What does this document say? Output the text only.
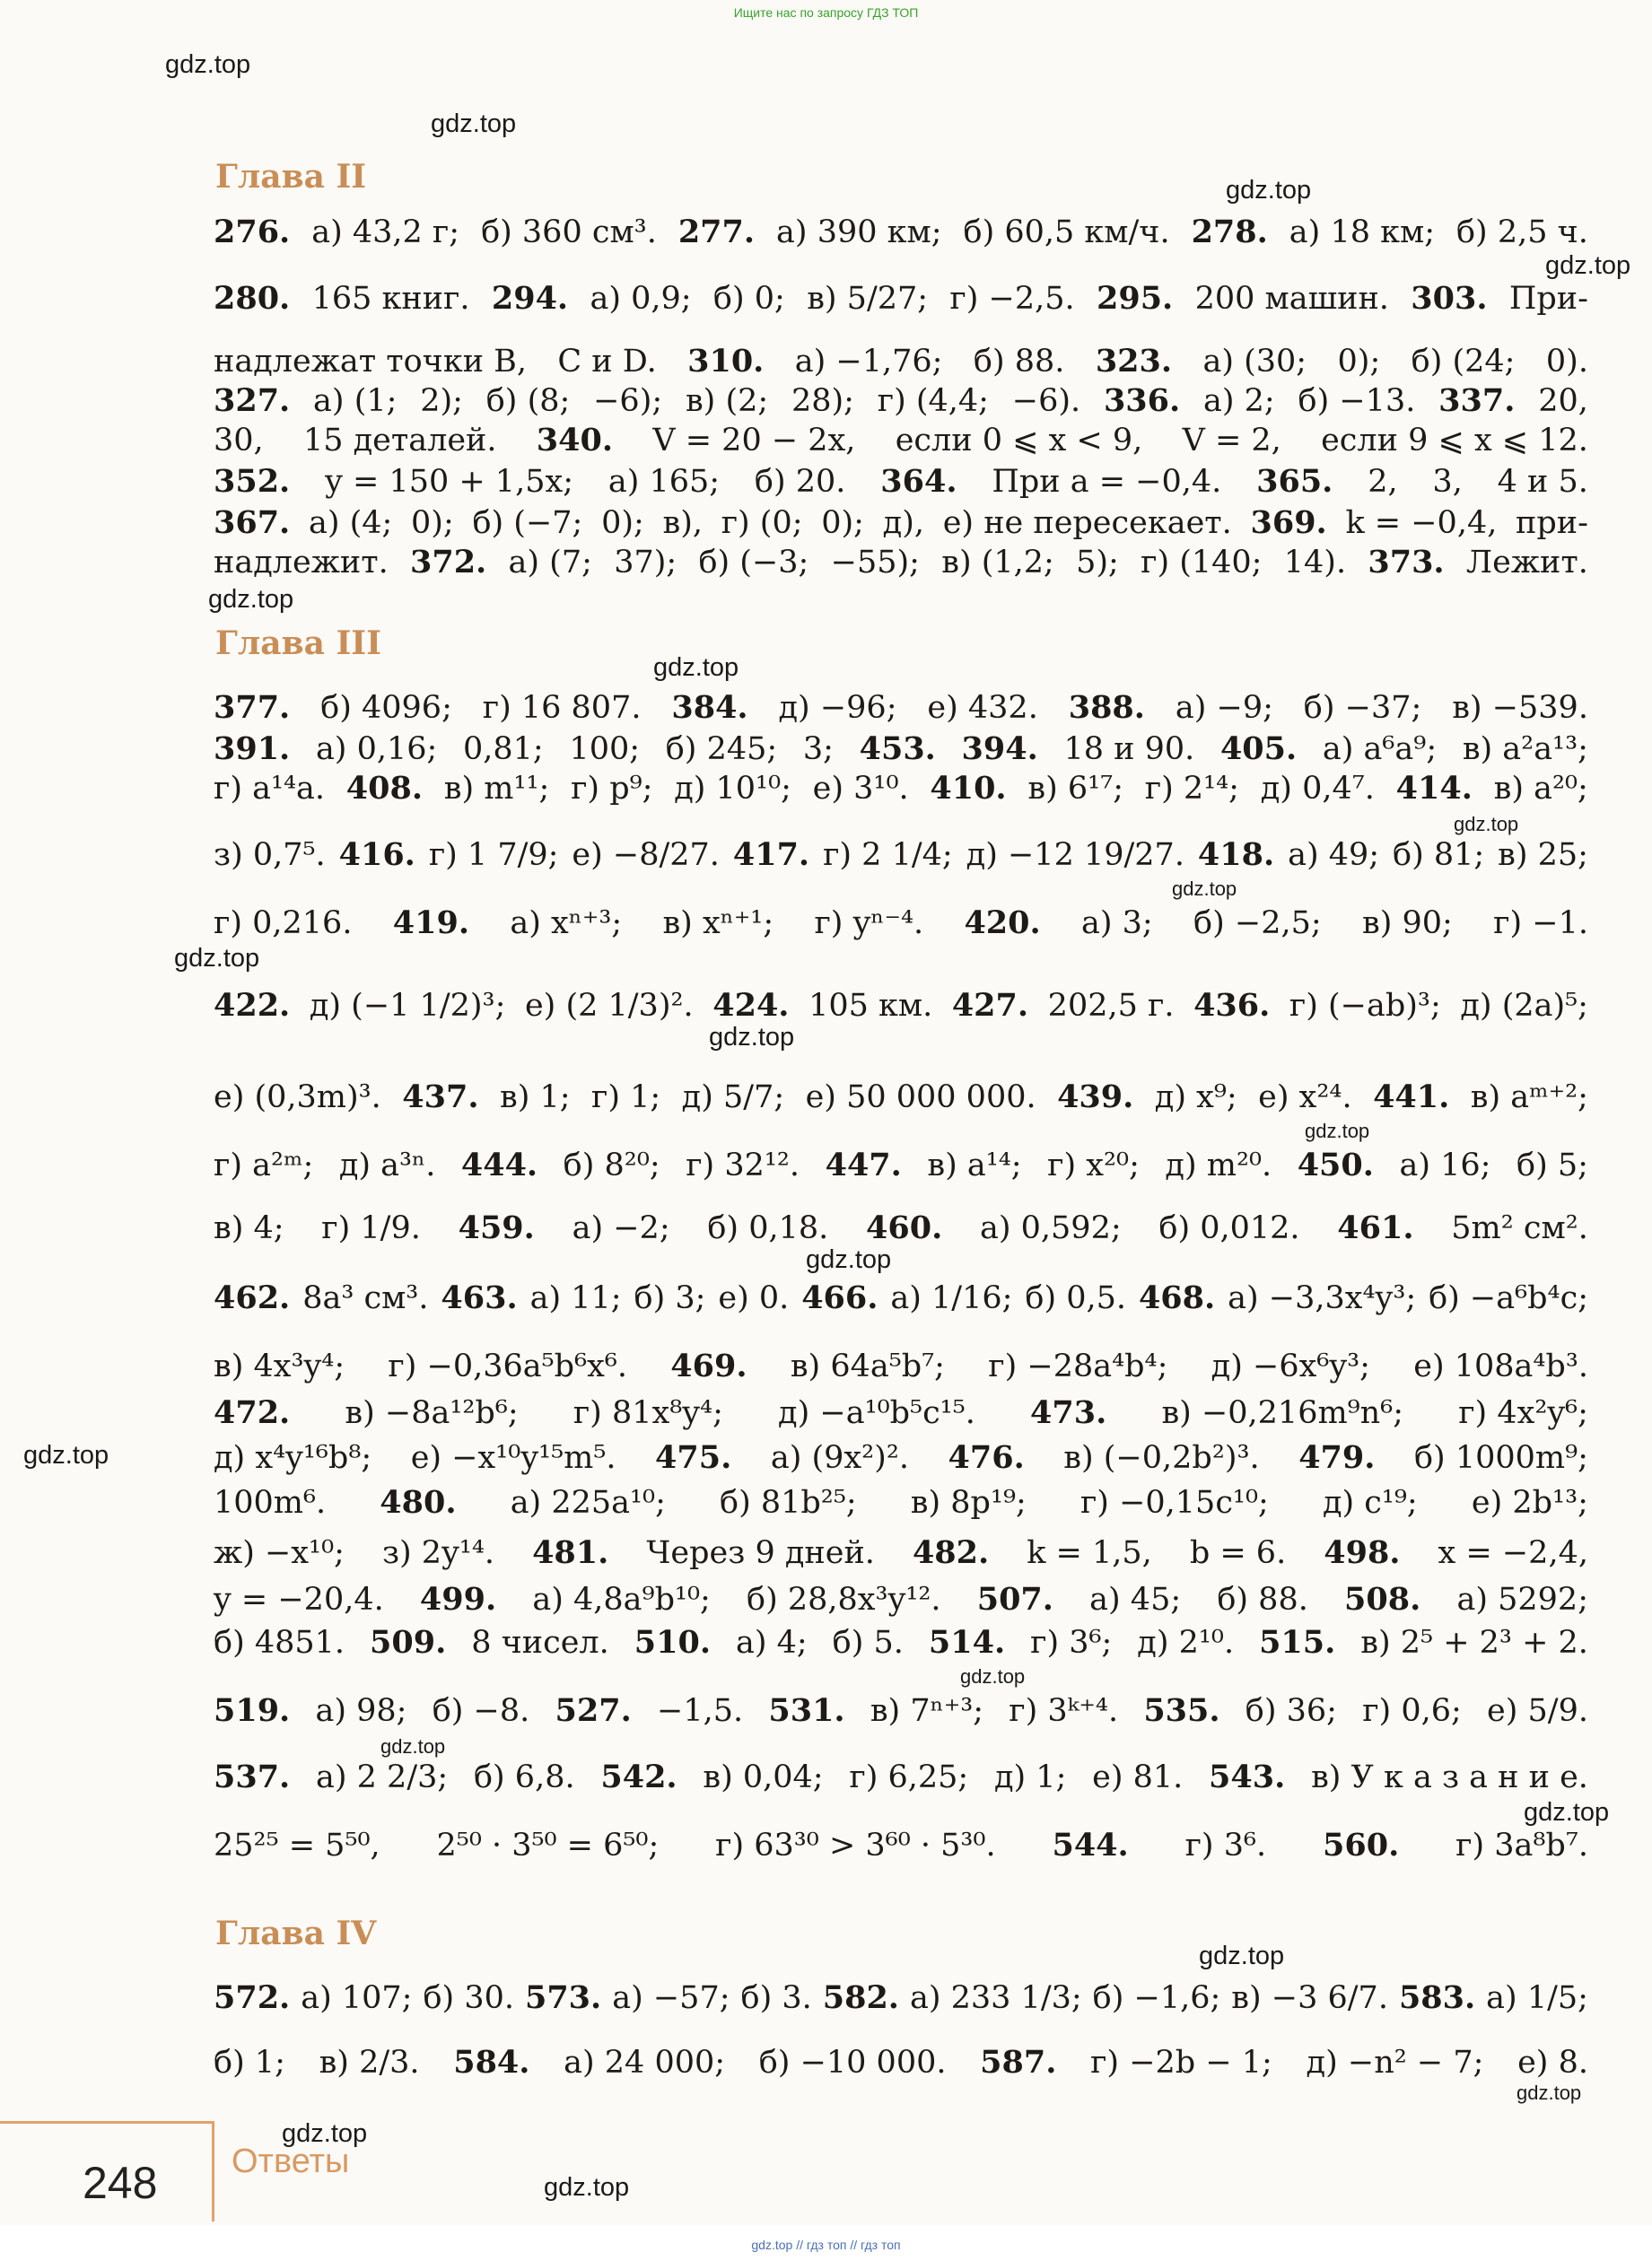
gdz.top
gdz.top
gdz.top
gdz.top
gdz.top
gdz.top
gdz.top
gdz.top
gdz.top
gdz.top
gdz.top
gdz.top
gdz.top
gdz.top
gdz.top
gdz.top
gdz.top
gdz.top
gdz.top
gdz.top
Глава II
276. а) 43,2 г; б) 360 см³. 277. а) 390 км; б) 60,5 км/ч. 278. а) 18 км; б) 2,5 ч.
280. 165 книг. 294. а) 0,9; б) 0; в) 5/27; г) −2,5. 295. 200 машин. 303. При-
надлежат точки B, C и D. 310. а) −1,76; б) 88. 323. а) (30; 0); б) (24; 0).
327. а) (1; 2); б) (8; −6); в) (2; 28); г) (4,4; −6). 336. а) 2; б) −13. 337. 20,
30, 15 деталей. 340. V = 20 − 2x, если 0 ⩽ x < 9, V = 2, если 9 ⩽ x ⩽ 12.
352. y = 150 + 1,5x; а) 165; б) 20. 364. При a = −0,4. 365. 2, 3, 4 и 5.
367. а) (4; 0); б) (−7; 0); в), г) (0; 0); д), е) не пересекает. 369. k = −0,4, при-
надлежит. 372. а) (7; 37); б) (−3; −55); в) (1,2; 5); г) (140; 14). 373. Лежит.
Глава III
377. б) 4096; г) 16 807. 384. д) −96; е) 432. 388. а) −9; б) −37; в) −539.
391. а) 0,16; 0,81; 100; б) 245; 3; 453. 394. 18 и 90. 405. а) a⁶a⁹; в) a²a¹³;
г) a¹⁴a. 408. в) m¹¹; г) p⁹; д) 10¹⁰; е) 3¹⁰. 410. в) 6¹⁷; г) 2¹⁴; д) 0,4⁷. 414. в) a²⁰;
з) 0,7⁵. 416. г) 1 7/9; е) −8/27. 417. г) 2 1/4; д) −12 19/27. 418. а) 49; б) 81; в) 25;
г) 0,216. 419. а) xⁿ⁺³; в) xⁿ⁺¹; г) yⁿ⁻⁴. 420. а) 3; б) −2,5; в) 90; г) −1.
422. д) (−1 1/2)³; е) (2 1/3)². 424. 105 км. 427. 202,5 г. 436. г) (−ab)³; д) (2a)⁵;
е) (0,3m)³. 437. в) 1; г) 1; д) 5/7; е) 50 000 000. 439. д) x⁹; е) x²⁴. 441. в) aᵐ⁺²;
г) a²ᵐ; д) a³ⁿ. 444. б) 8²⁰; г) 32¹². 447. в) a¹⁴; г) x²⁰; д) m²⁰. 450. а) 16; б) 5;
в) 4; г) 1/9. 459. а) −2; б) 0,18. 460. а) 0,592; б) 0,012. 461. 5m² см².
462. 8a³ см³. 463. а) 11; б) 3; е) 0. 466. а) 1/16; б) 0,5. 468. а) −3,3x⁴y³; б) −a⁶b⁴c;
в) 4x³y⁴; г) −0,36a⁵b⁶x⁶. 469. в) 64a⁵b⁷; г) −28a⁴b⁴; д) −6x⁶y³; е) 108a⁴b³.
472. в) −8a¹²b⁶; г) 81x⁸y⁴; д) −a¹⁰b⁵c¹⁵. 473. в) −0,216m⁹n⁶; г) 4x²y⁶;
д) x⁴y¹⁶b⁸; е) −x¹⁰y¹⁵m⁵. 475. а) (9x²)². 476. в) (−0,2b²)³. 479. б) 1000m⁹;
100m⁶. 480. а) 225a¹⁰; б) 81b²⁵; в) 8p¹⁹; г) −0,15c¹⁰; д) c¹⁹; е) 2b¹³;
ж) −x¹⁰; з) 2y¹⁴. 481. Через 9 дней. 482. k = 1,5, b = 6. 498. x = −2,4,
y = −20,4. 499. а) 4,8a⁹b¹⁰; б) 28,8x³y¹². 507. а) 45; б) 88. 508. а) 5292;
б) 4851. 509. 8 чисел. 510. а) 4; б) 5. 514. г) 3⁶; д) 2¹⁰. 515. в) 2⁵ + 2³ + 2.
519. а) 98; б) −8. 527. −1,5. 531. в) 7ⁿ⁺³; г) 3ᵏ⁺⁴. 535. б) 36; г) 0,6; е) 5/9.
537. а) 2 2/3; б) 6,8. 542. в) 0,04; г) 6,25; д) 1; е) 81. 543. в) У к а з а н и е.
25²⁵ = 5⁵⁰, 2⁵⁰ · 3⁵⁰ = 6⁵⁰; г) 63³⁰ > 3⁶⁰ · 5³⁰. 544. г) 3⁶. 560. г) 3a⁸b⁷.
Глава IV
572. а) 107; б) 30. 573. а) −57; б) 3. 582. а) 233 1/3; б) −1,6; в) −3 6/7. 583. а) 1/5;
б) 1; в) 2/3. 584. а) 24 000; б) −10 000. 587. г) −2b − 1; д) −n² − 7; е) 8.
248 Ответы
Ищите нас по запросу ГДЗ ТОП
gdz.top // гдз топ // гдз топ
